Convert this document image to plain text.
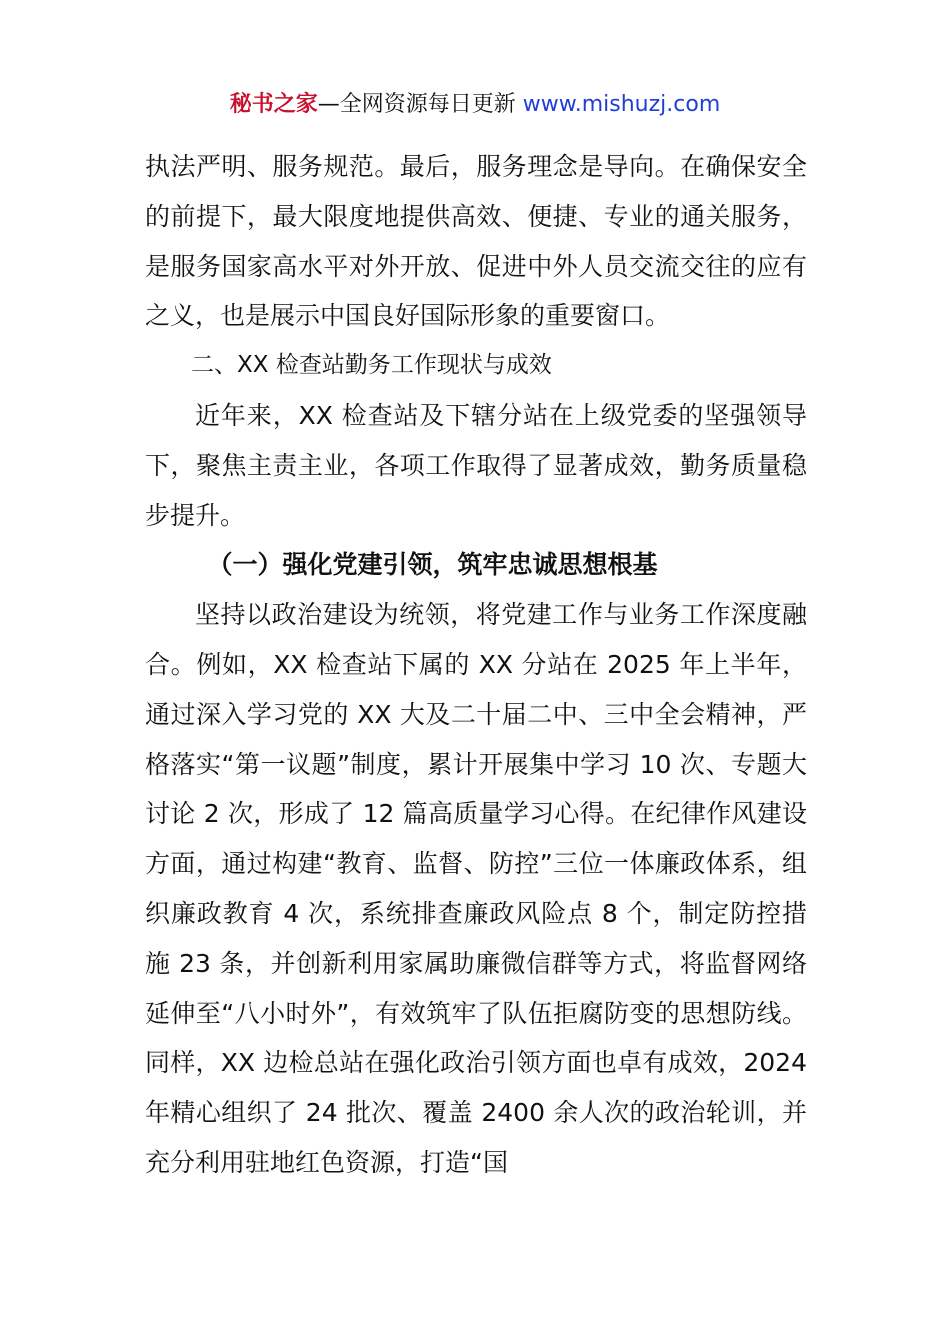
秘书之家—全网资源每日更新 www.mishuzj.com

执法严明、服务规范。最后，服务理念是导向。在确保安全的前提下，最大限度地提供高效、便捷、专业的通关服务，是服务国家高水平对外开放、促进中外人员交流交往的应有之义，也是展示中国良好国际形象的重要窗口。

二、XX 检查站勤务工作现状与成效

近年来，XX 检查站及下辖分站在上级党委的坚强领导下，聚焦主责主业，各项工作取得了显著成效，勤务质量稳步提升。

（一）强化党建引领，筑牢忠诚思想根基

坚持以政治建设为统领，将党建工作与业务工作深度融合。例如，XX 检查站下属的 XX 分站在 2025 年上半年，通过深入学习党的 XX 大及二十届二中、三中全会精神，严格落实“第一议题”制度，累计开展集中学习 10 次、专题大讨论 2 次，形成了 12 篇高质量学习心得。在纪律作风建设方面，通过构建“教育、监督、防控”三位一体廉政体系，组织廉政教育 4 次，系统排查廉政风险点 8 个，制定防控措施 23 条，并创新利用家属助廉微信群等方式，将监督网络延伸至“八小时外”，有效筑牢了队伍拒腐防变的思想防线。同样，XX 边检总站在强化政治引领方面也卓有成效，2024 年精心组织了 24 批次、覆盖 2400 余人次的政治轮训，并充分利用驻地红色资源，打造“国
